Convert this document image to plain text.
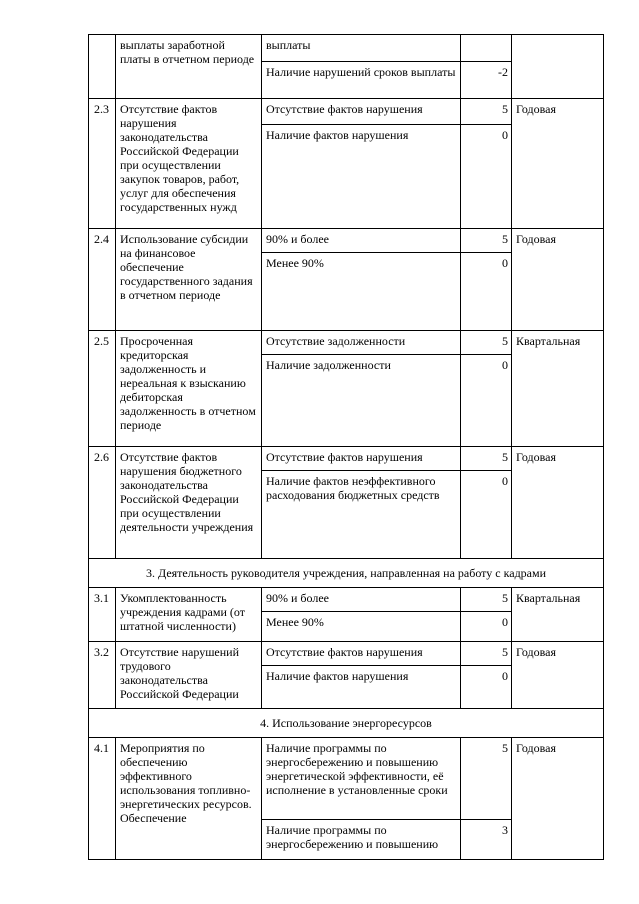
	выплаты заработной платы в отчетном периоде	выплаты		
		Наличие нарушений сроков выплаты	-2	
2.3	Отсутствие фактов нарушения законодательства Российской Федерации при осуществлении закупок товаров, работ, услуг для обеспечения государственных нужд	Отсутствие фактов нарушения	5	Годовая
		Наличие фактов нарушения	0	
2.4	Использование субсидии на финансовое обеспечение государственного задания в отчетном периоде	90% и более	5	Годовая
		Менее 90%	0	
2.5	Просроченная кредиторская задолженность и нереальная к взысканию дебиторская задолженность в отчетном периоде	Отсутствие задолженности	5	Квартальная
		Наличие задолженности	0	
2.6	Отсутствие фактов нарушения бюджетного законодательства Российской Федерации при осуществлении деятельности учреждения	Отсутствие фактов нарушения	5	Годовая
		Наличие фактов неэффективного расходования бюджетных средств	0	
3. Деятельность руководителя учреждения, направленная на работу с кадрами				
3.1	Укомплектованность учреждения кадрами (от штатной численности)	90% и более	5	Квартальная
		Менее 90%	0	
3.2	Отсутствие нарушений трудового законодательства Российской Федерации	Отсутствие фактов нарушения	5	Годовая
		Наличие фактов нарушения	0	
4. Использование энергоресурсов				
4.1	Мероприятия по обеспечению эффективного использования топливно-энергетических ресурсов. Обеспечение	Наличие программы по энергосбережению и повышению энергетической эффективности, её исполнение в установленные сроки	5	Годовая
		Наличие программы по энергосбережению и повышению	3	
